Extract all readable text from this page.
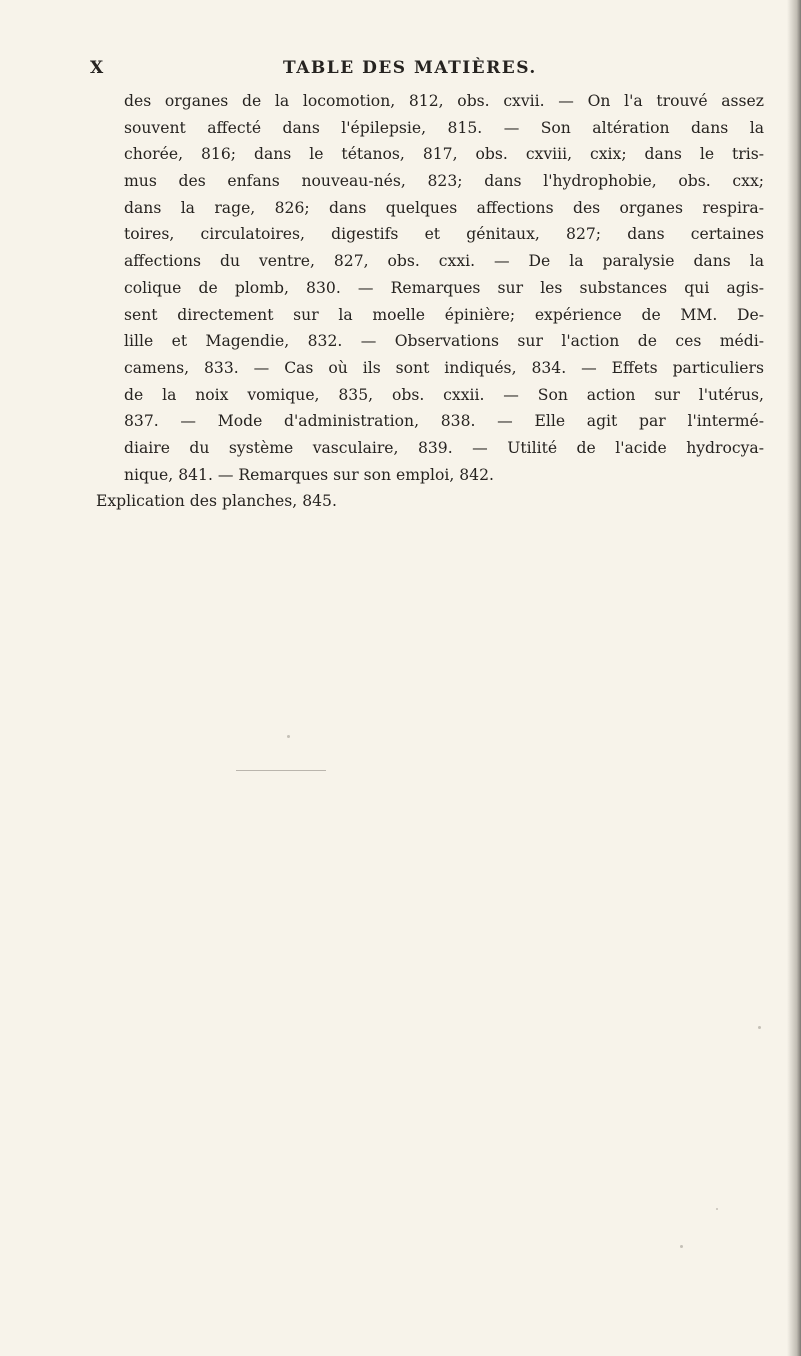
X	TABLE DES MATIÈRES.
des organes de la locomotion, 812, obs. cxvii. — On l'a trouvé assez
souvent affecté dans l'épilepsie, 815. — Son altération dans la
chorée, 816; dans le tétanos, 817, obs. cxviii, cxix; dans le tris-
mus des enfans nouveau-nés, 823; dans l'hydrophobie, obs. cxx;
dans la rage, 826; dans quelques affections des organes respira-
toires, circulatoires, digestifs et génitaux, 827; dans certaines
affections du ventre, 827, obs. cxxi. — De la paralysie dans la
colique de plomb, 830. — Remarques sur les substances qui agis-
sent directement sur la moelle épinière; expérience de MM. De-
lille et Magendie, 832. — Observations sur l'action de ces médi-
camens, 833. — Cas où ils sont indiqués, 834. — Effets particuliers
de la noix vomique, 835, obs. cxxii. — Son action sur l'utérus,
837. — Mode d'administration, 838. — Elle agit par l'intermé-
diaire du système vasculaire, 839. — Utilité de l'acide hydrocya-
nique, 841. — Remarques sur son emploi, 842.
Explication des planches, 845.
